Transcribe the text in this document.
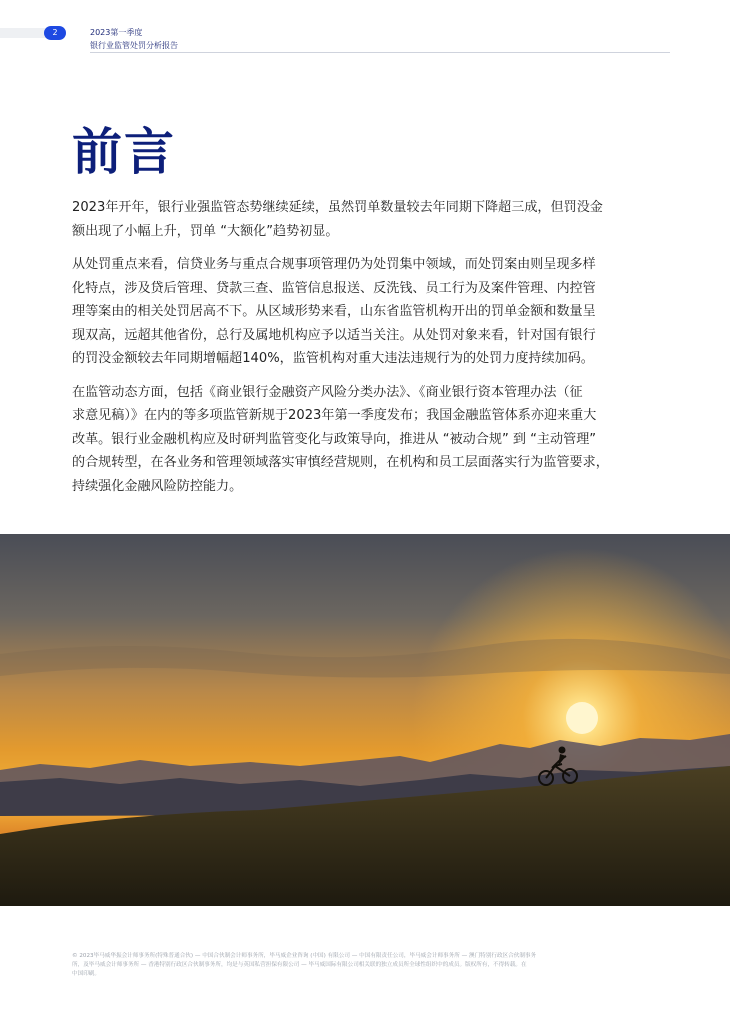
2	2023第一季度
银行业监管处罚分析报告
前言

2023年开年，银行业强监管态势继续延续，虽然罚单数量较去年同期下降超三成，但罚没金
额出现了小幅上升，罚单 “大额化”趋势初显。

从处罚重点来看，信贷业务与重点合规事项管理仍为处罚集中领域，而处罚案由则呈现多样
化特点，涉及贷后管理、贷款三查、监管信息报送、反洗钱、员工行为及案件管理、内控管
理等案由的相关处罚居高不下。从区域形势来看，山东省监管机构开出的罚单金额和数量呈
现双高，远超其他省份，总行及属地机构应予以适当关注。从处罚对象来看，针对国有银行
的罚没金额较去年同期增幅超140%，监管机构对重大违法违规行为的处罚力度持续加码。

在监管动态方面，包括《商业银行金融资产风险分类办法》、《商业银行资本管理办法（征
求意见稿）》在内的等多项监管新规于2023年第一季度发布；我国金融监管体系亦迎来重大
改革。银行业金融机构应及时研判监管变化与政策导向，推进从 “被动合规” 到 “主动管理”
的合规转型，在各业务和管理领域落实审慎经营规则，在机构和员工层面落实行为监管要求，
持续强化金融风险防控能力。

© 2023毕马威华振会计师事务所(特殊普通合伙) — 中国合伙制会计师事务所，毕马威企业咨询 (中国) 有限公司 — 中国有限责任公司，毕马威会计师事务所 — 澳门特别行政区合伙制事务
所，及毕马威会计师事务所 — 香港特别行政区合伙制事务所，均是与英国私营担保有限公司 — 毕马威国际有限公司相关联的独立成员所全球性组织中的成员。版权所有，不得转载。在
中国印刷。
